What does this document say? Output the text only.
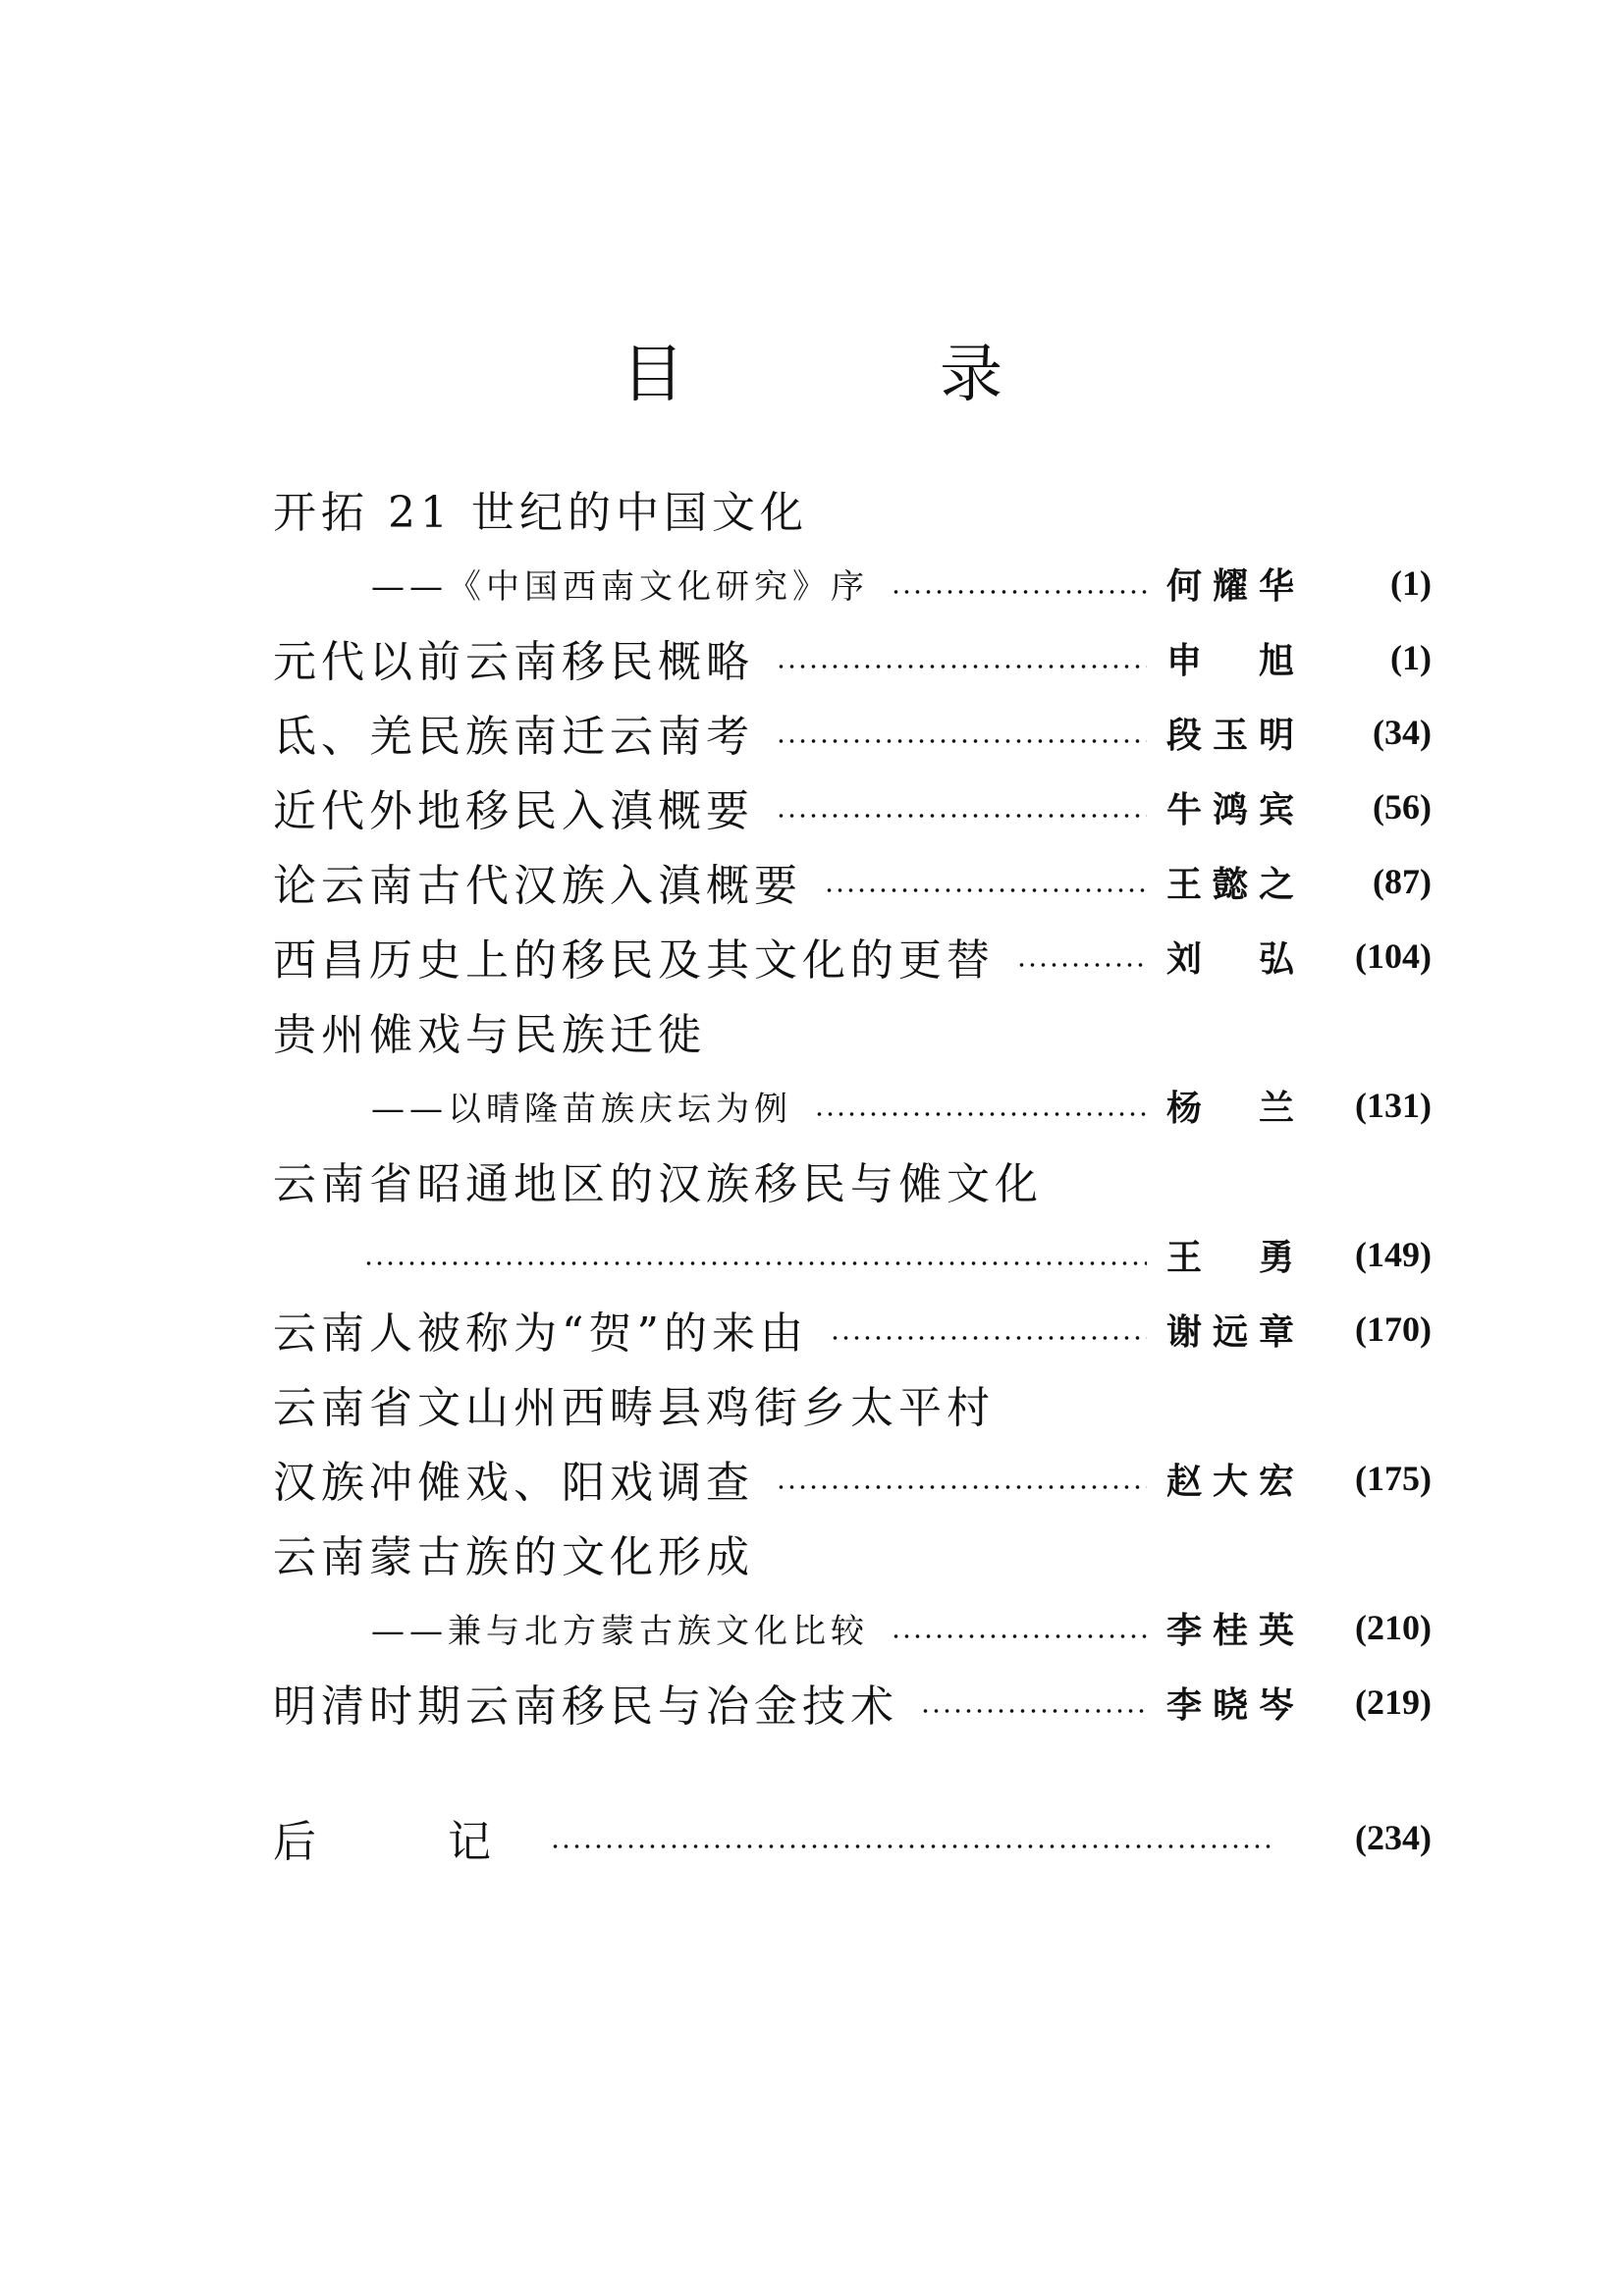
目 录
开拓 21 世纪的中国文化
——《中国西南文化研究》序	何耀华	(1)
元代以前云南移民概略	申 旭	(1)
氐、羌民族南迁云南考	段玉明	(34)
近代外地移民入滇概要	牛鸿宾	(56)
论云南古代汉族入滇概要	王懿之	(87)
西昌历史上的移民及其文化的更替	刘 弘	(104)
贵州傩戏与民族迁徙
——以晴隆苗族庆坛为例	杨 兰	(131)
云南省昭通地区的汉族移民与傩文化
王 勇	(149)
云南人被称为“贺”的来由	谢远章	(170)
云南省文山州西畴县鸡街乡太平村
汉族冲傩戏、阳戏调查	赵大宏	(175)
云南蒙古族的文化形成
——兼与北方蒙古族文化比较	李桂英	(210)
明清时期云南移民与冶金技术	李晓岑	(219)
后 记	(234)
